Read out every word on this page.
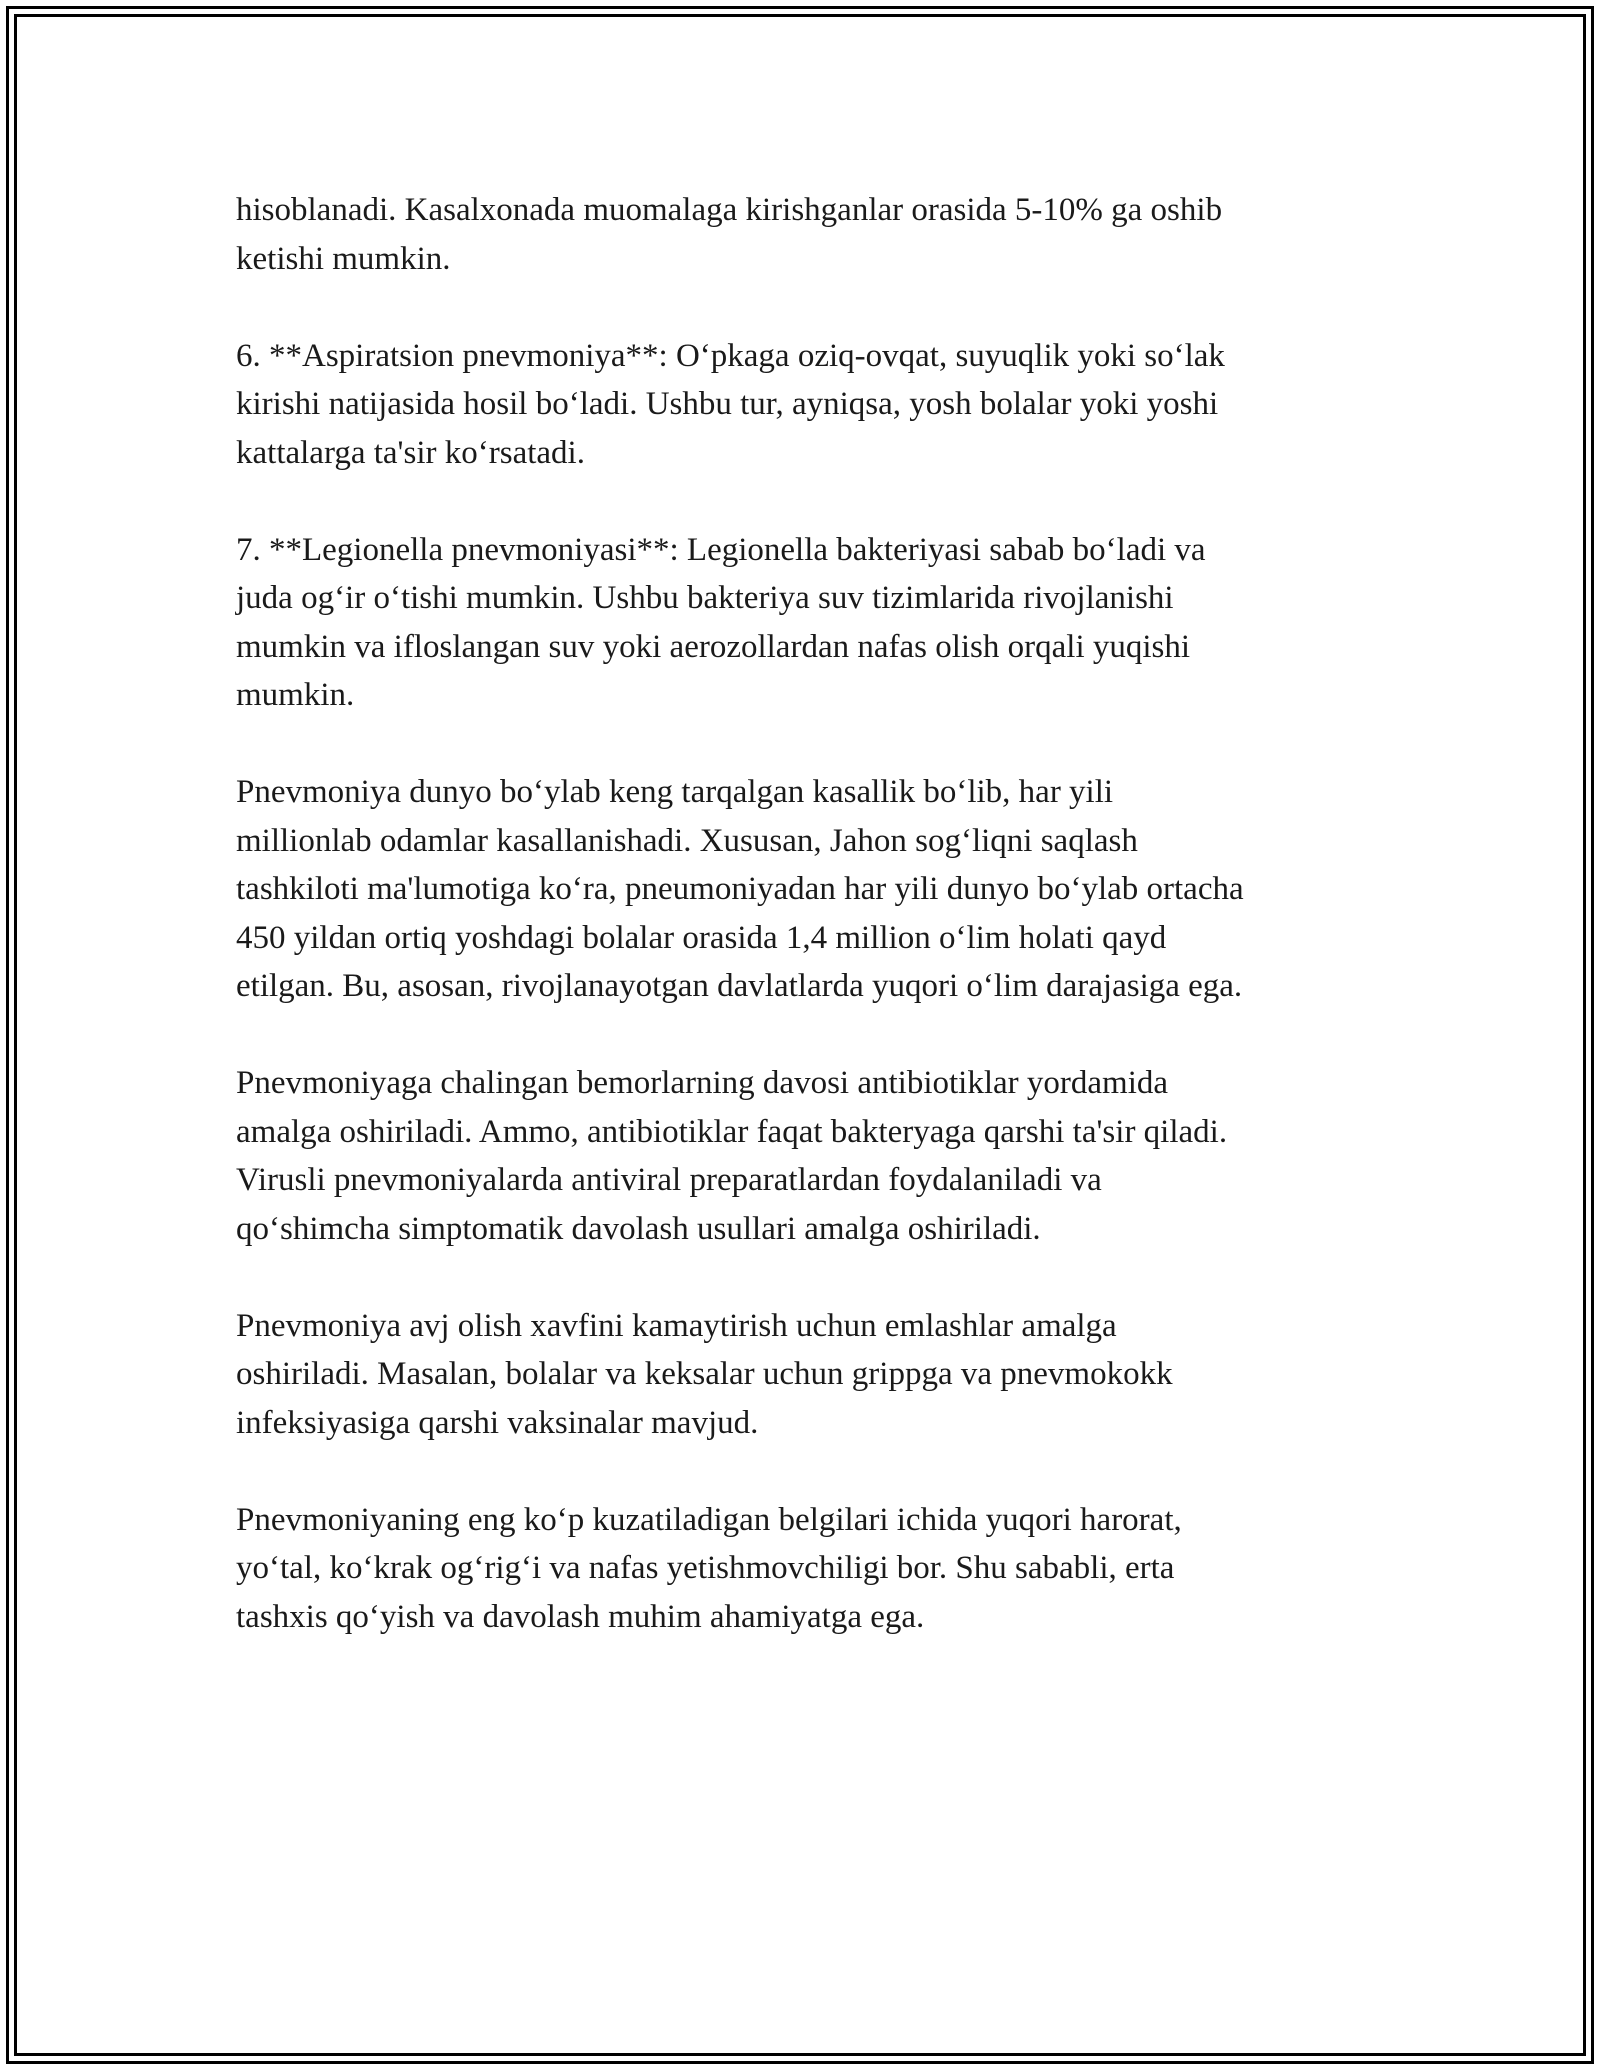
hisoblanadi. Kasalxonada muomalaga kirishganlar orasida 5-10% ga oshib
ketishi mumkin.

6. **Aspiratsion pnevmoniya**: O‘pkaga oziq-ovqat, suyuqlik yoki so‘lak
kirishi natijasida hosil bo‘ladi. Ushbu tur, ayniqsa, yosh bolalar yoki yoshi
kattalarga ta'sir ko‘rsatadi.

7. **Legionella pnevmoniyasi**: Legionella bakteriyasi sabab bo‘ladi va
juda og‘ir o‘tishi mumkin. Ushbu bakteriya suv tizimlarida rivojlanishi
mumkin va ifloslangan suv yoki aerozollardan nafas olish orqali yuqishi
mumkin.

Pnevmoniya dunyo bo‘ylab keng tarqalgan kasallik bo‘lib, har yili
millionlab odamlar kasallanishadi. Xususan, Jahon sog‘liqni saqlash
tashkiloti ma'lumotiga ko‘ra, pneumoniyadan har yili dunyo bo‘ylab ortacha
450 yildan ortiq yoshdagi bolalar orasida 1,4 million o‘lim holati qayd
etilgan. Bu, asosan, rivojlanayotgan davlatlarda yuqori o‘lim darajasiga ega.

Pnevmoniyaga chalingan bemorlarning davosi antibiotiklar yordamida
amalga oshiriladi. Ammo, antibiotiklar faqat bakteryaga qarshi ta'sir qiladi.
Virusli pnevmoniyalarda antiviral preparatlardan foydalaniladi va
qo‘shimcha simptomatik davolash usullari amalga oshiriladi.

Pnevmoniya avj olish xavfini kamaytirish uchun emlashlar amalga
oshiriladi. Masalan, bolalar va keksalar uchun grippga va pnevmokokk
infeksiyasiga qarshi vaksinalar mavjud.

Pnevmoniyaning eng ko‘p kuzatiladigan belgilari ichida yuqori harorat,
yo‘tal, ko‘krak og‘rig‘i va nafas yetishmovchiligi bor. Shu sababli, erta
tashxis qo‘yish va davolash muhim ahamiyatga ega.
